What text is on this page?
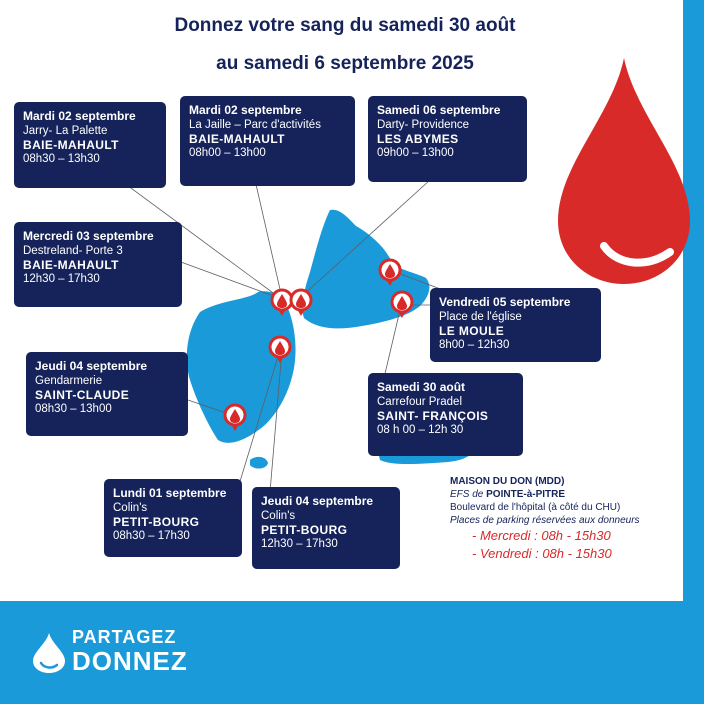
Donnez votre sang du samedi 30 août
au samedi 6 septembre 2025
Mardi 02 septembre
Jarry- La Palette
BAIE-MAHAULT
08h30 – 13h30
Mardi 02 septembre
La Jaille – Parc d'activités
BAIE-MAHAULT
08h00 – 13h00
Samedi 06 septembre
Darty- Providence
LES ABYMES
09h00 – 13h00
Mercredi 03 septembre
Destreland- Porte 3
BAIE-MAHAULT
12h30 – 17h30
Vendredi 05 septembre
Place de l'église
LE MOULE
8h00 – 12h30
Jeudi 04 septembre
Gendarmerie
SAINT-CLAUDE
08h30 – 13h00
Samedi 30 août
Carrefour Pradel
SAINT- FRANÇOIS
08 h 00 – 12h 30
Lundi 01 septembre
Colin's
PETIT-BOURG
08h30 – 17h30
Jeudi 04 septembre
Colin's
PETIT-BOURG
12h30 – 17h30
MAISON DU DON (MDD)
EFS de POINTE-à-PITRE
Boulevard de l'hôpital (à côté du CHU)
Places de parking réservées aux donneurs
- Mercredi : 08h - 15h30
- Vendredi : 08h - 15h30
PARTAGEZ
DONNEZ
